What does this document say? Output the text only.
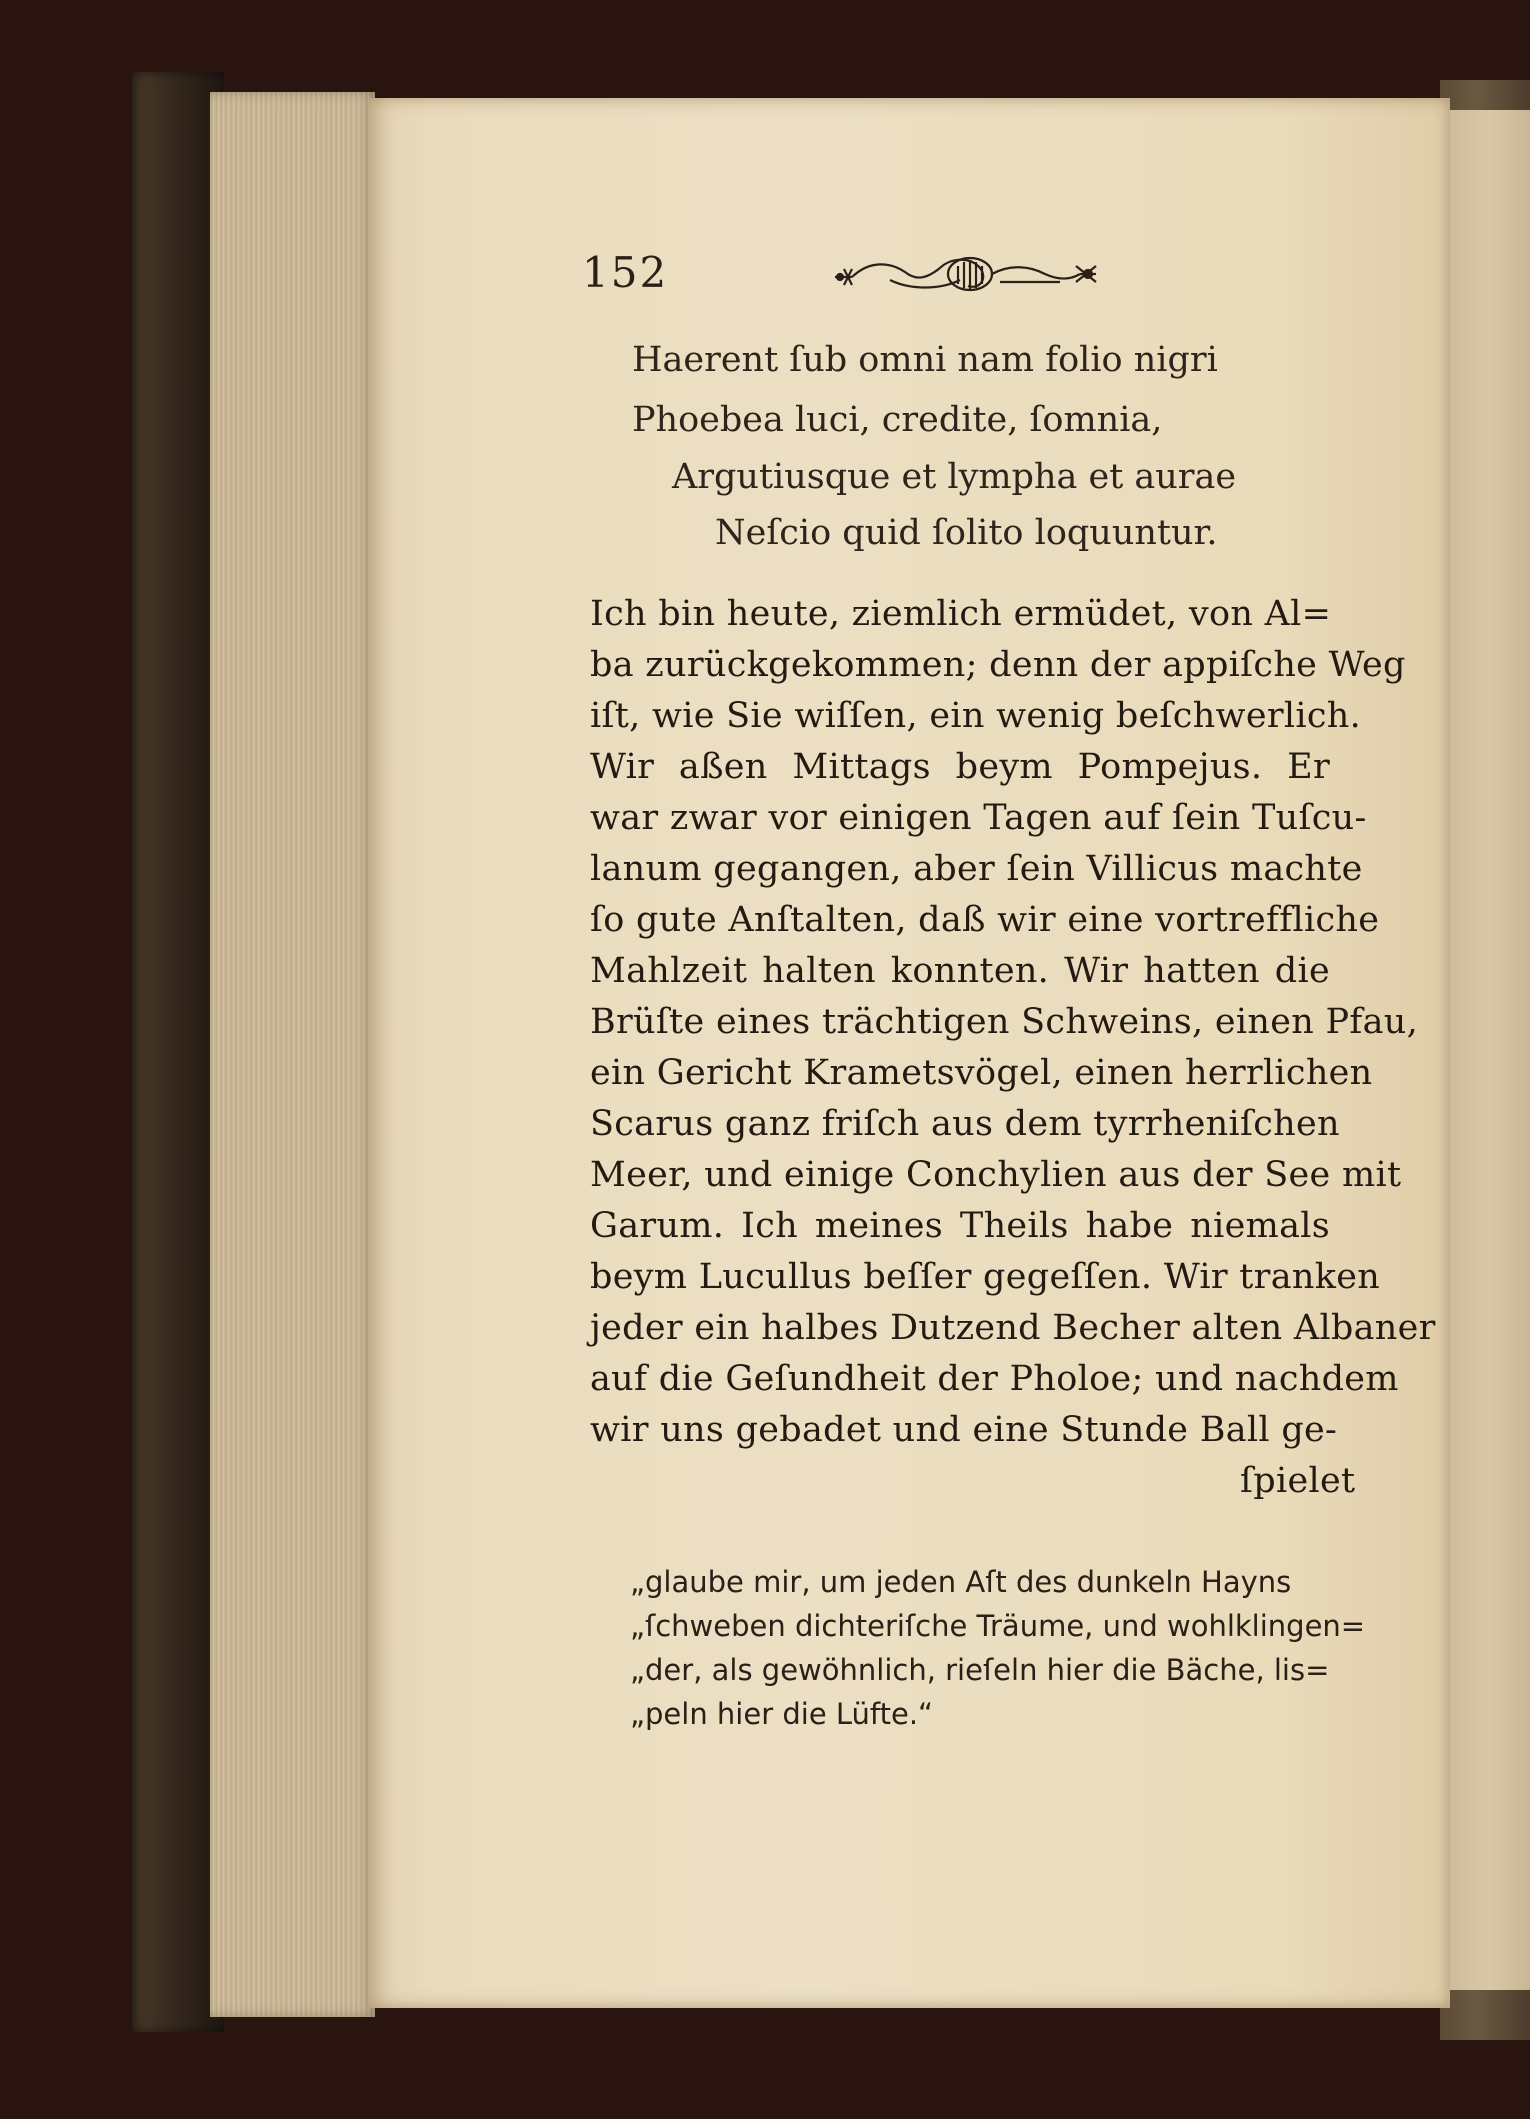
152
Haerent ſub omni nam folio nigri
Phoebea luci, credite, ſomnia,
Argutiusque et lympha et aurae
Neſcio quid ſolito loquuntur.
Ich bin heute, ziemlich ermüdet, von Al=
ba zurückgekommen; denn der appiſche Weg
iſt, wie Sie wiſſen, ein wenig beſchwerlich.
Wir aßen Mittags beym Pompejus. Er
war zwar vor einigen Tagen auf ſein Tuſcu-
lanum gegangen, aber ſein Villicus machte
ſo gute Anſtalten, daß wir eine vortreffliche
Mahlzeit halten konnten. Wir hatten die
Brüſte eines trächtigen Schweins, einen Pfau,
ein Gericht Krametsvögel, einen herrlichen
Scarus ganz friſch aus dem tyrrheniſchen
Meer, und einige Conchylien aus der See mit
Garum. Ich meines Theils habe niemals
beym Lucullus beſſer gegeſſen. Wir tranken
jeder ein halbes Dutzend Becher alten Albaner
auf die Geſundheit der Pholoe; und nachdem
wir uns gebadet und eine Stunde Ball ge-
ſpielet
„glaube mir, um jeden Aſt des dunkeln Hayns
„ſchweben dichteriſche Träume, und wohlklingen=
„der, als gewöhnlich, rieſeln hier die Bäche, lis=
„peln hier die Lüfte.“
